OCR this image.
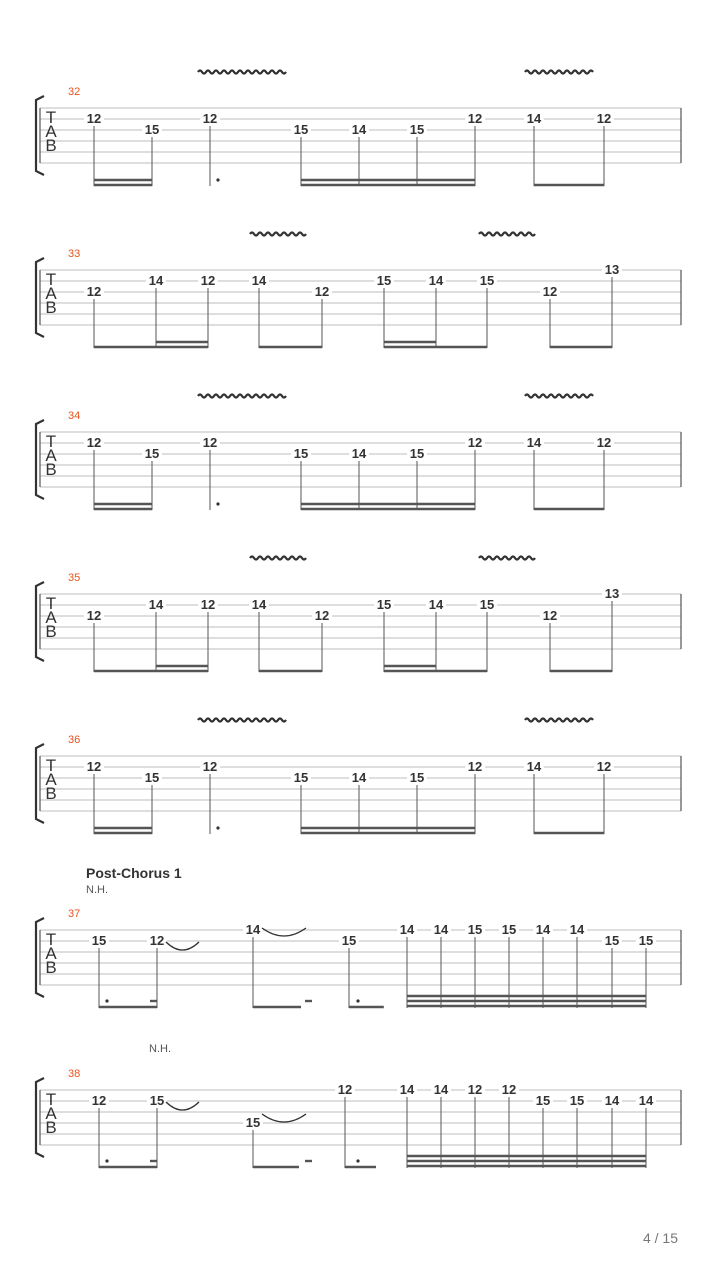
T
A
B
32
12
15
12
15	14	15
12	14	12
T
A
B
33
12
14	12	14
12
15	14	15
12
13
T
A
B
34
12
15
12
15	14	15
12	14	12
T
A
B
35
12
14	12	14
12
15	14	15
12
13
T
A
B
36
12
15
12
15	14	15
12	14	12
T
A
B
37
Post-Chorus 1
N.H.
15	12
14
15
14 14 15 15 14 14
15 15
T
A
B
38
N.H.
12	15
15
12	14 14 12 12
15 15 14 14
4 / 15
